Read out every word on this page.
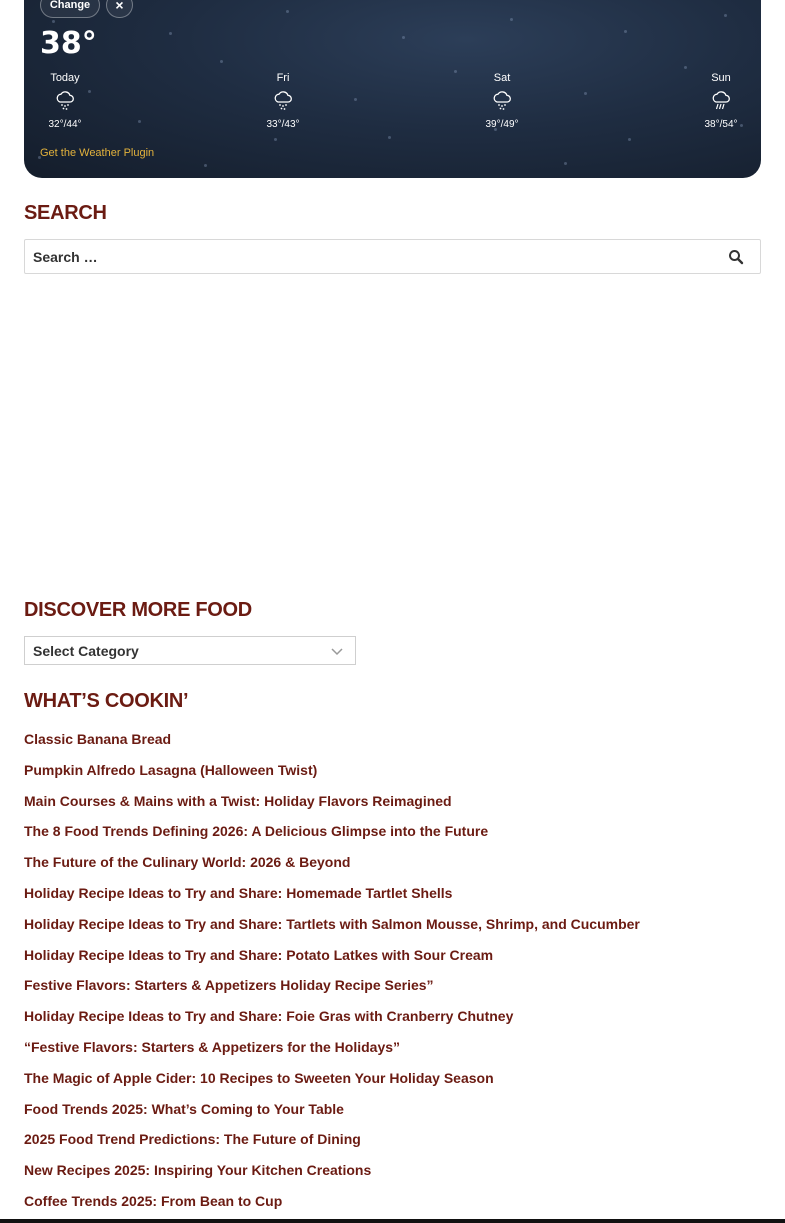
Change	×
38°
Today
32°/44°
Fri
33°/43°
Sat
39°/49°
Sun
38°/54°
Get the Weather Plugin
SEARCH
Search …
DISCOVER MORE FOOD
Select Category
WHAT’S COOKIN’
Classic Banana Bread
Pumpkin Alfredo Lasagna (Halloween Twist)
Main Courses & Mains with a Twist: Holiday Flavors Reimagined
The 8 Food Trends Defining 2026: A Delicious Glimpse into the Future
The Future of the Culinary World: 2026 & Beyond
Holiday Recipe Ideas to Try and Share: Homemade Tartlet Shells
Holiday Recipe Ideas to Try and Share: Tartlets with Salmon Mousse, Shrimp, and Cucumber
Holiday Recipe Ideas to Try and Share: Potato Latkes with Sour Cream
Festive Flavors: Starters & Appetizers Holiday Recipe Series”
Holiday Recipe Ideas to Try and Share: Foie Gras with Cranberry Chutney
“Festive Flavors: Starters & Appetizers for the Holidays”
The Magic of Apple Cider: 10 Recipes to Sweeten Your Holiday Season
Food Trends 2025: What’s Coming to Your Table
2025 Food Trend Predictions: The Future of Dining
New Recipes 2025: Inspiring Your Kitchen Creations
Coffee Trends 2025: From Bean to Cup
